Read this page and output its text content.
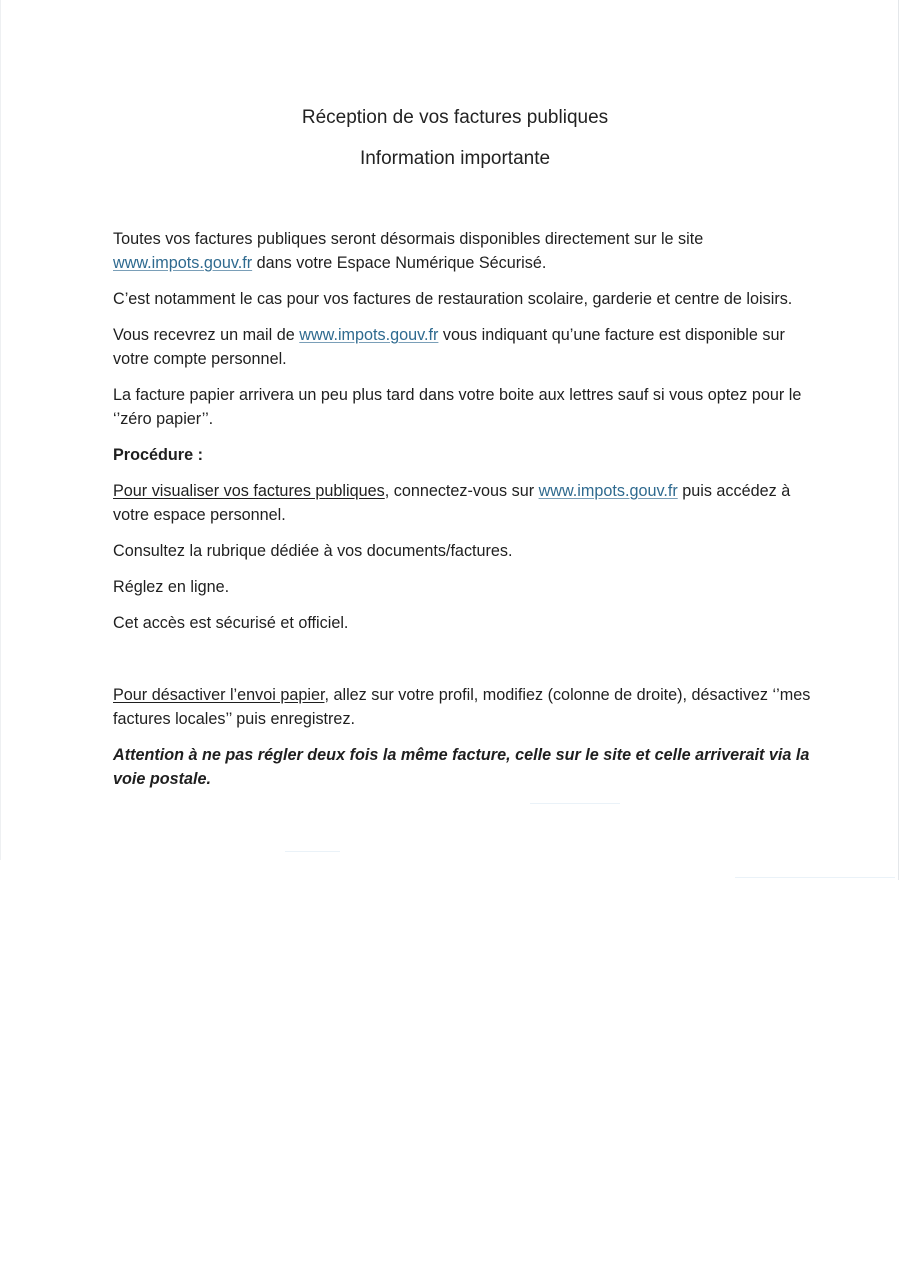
Réception de vos factures publiques
Information importante

Toutes vos factures publiques seront désormais disponibles directement sur le site www.impots.gouv.fr dans votre Espace Numérique Sécurisé.

C’est notamment le cas pour vos factures de restauration scolaire, garderie et centre de loisirs.

Vous recevrez un mail de www.impots.gouv.fr vous indiquant qu’une facture est disponible sur votre compte personnel.

La facture papier arrivera un peu plus tard dans votre boite aux lettres sauf si vous optez pour le ‘’zéro papier’’.

Procédure :

Pour visualiser vos factures publiques, connectez-vous sur www.impots.gouv.fr puis accédez à votre espace personnel.

Consultez la rubrique dédiée à vos documents/factures.

Réglez en ligne.

Cet accès est sécurisé et officiel.

Pour désactiver l’envoi papier, allez sur votre profil, modifiez (colonne de droite), désactivez ‘’mes factures locales’’ puis enregistrez.

Attention à ne pas régler deux fois la même facture, celle sur le site et celle arriverait via la voie postale.
